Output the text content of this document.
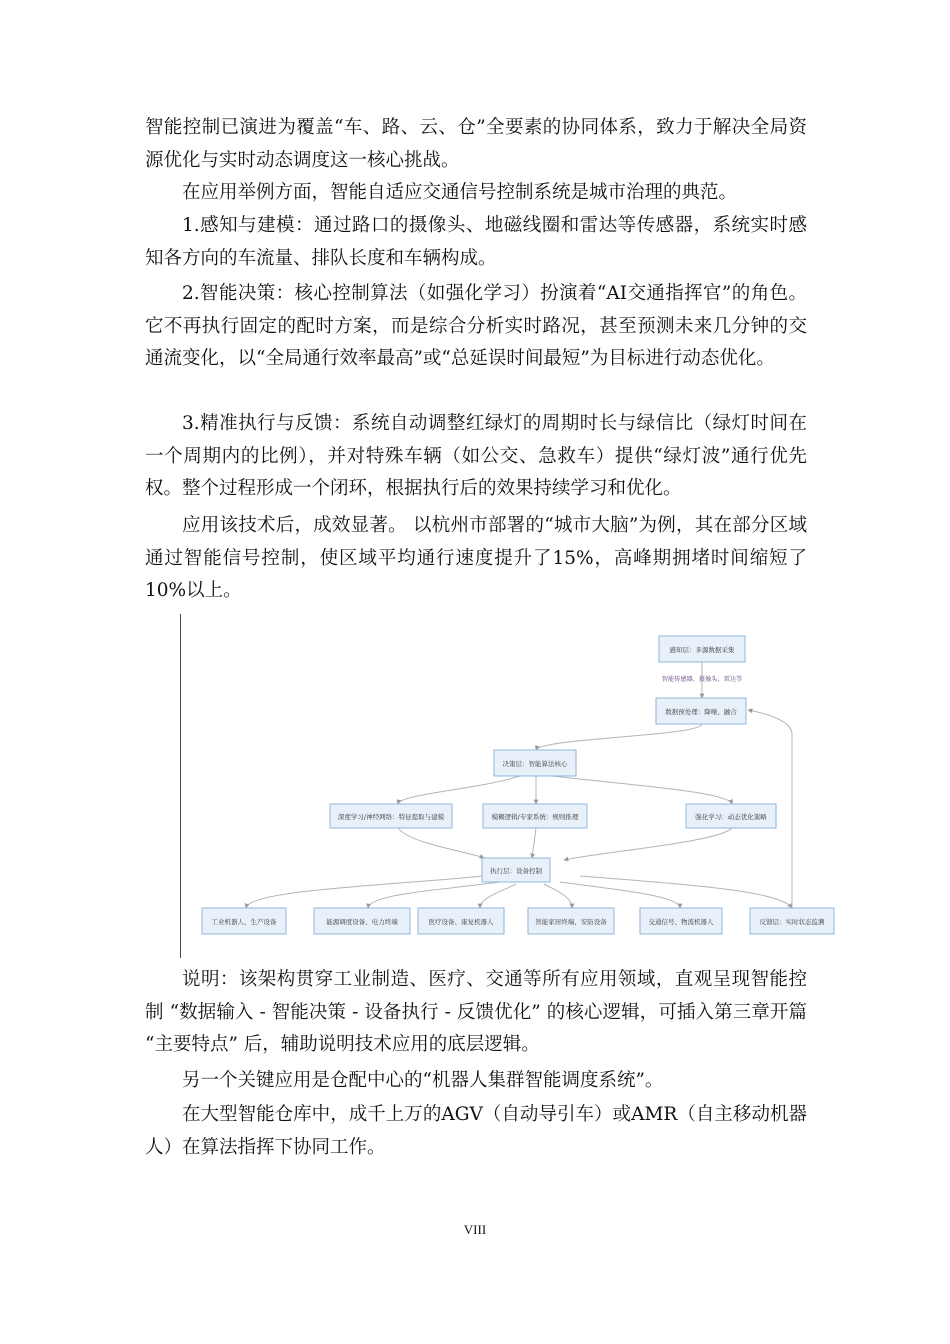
智能控制已演进为覆盖“车、路、云、仓”全要素的协同体系，致力于解决全局资源优化与实时动态调度这一核心挑战。

在应用举例方面，智能自适应交通信号控制系统是城市治理的典范。

1.感知与建模：通过路口的摄像头、地磁线圈和雷达等传感器，系统实时感知各方向的车流量、排队长度和车辆构成。

2.智能决策：核心控制算法（如强化学习）扮演着“AI交通指挥官”的角色。它不再执行固定的配时方案，而是综合分析实时路况，甚至预测未来几分钟的交通流变化，以“全局通行效率最高”或“总延误时间最短”为目标进行动态优化。

3.精准执行与反馈：系统自动调整红绿灯的周期时长与绿信比（绿灯时间在一个周期内的比例），并对特殊车辆（如公交、急救车）提供“绿灯波”通行优先权。整个过程形成一个闭环，根据执行后的效果持续学习和优化。

应用该技术后，成效显著。 以杭州市部署的“城市大脑”为例，其在部分区域通过智能信号控制，使区域平均通行速度提升了15%，高峰期拥堵时间缩短了10%以上。

智能传感器、摄像头、雷达等
感知层：多源数据采集
数据预处理：降噪、融合
决策层：智能算法核心
深度学习/神经网络：特征提取与建模	模糊逻辑/专家系统：规则推理	强化学习：动态优化策略
执行层：设备控制
工业机器人、生产设备	能源调度设备、电力终端	医疗设备、康复机器人	智能家居终端、安防设备	交通信号、物流机器人	反馈层：实时状态监测

说明：该架构贯穿工业制造、医疗、交通等所有应用领域，直观呈现智能控制 “数据输入 - 智能决策 - 设备执行 - 反馈优化” 的核心逻辑，可插入第三章开篇 “主要特点” 后，辅助说明技术应用的底层逻辑。

另一个关键应用是仓配中心的“机器人集群智能调度系统”。

在大型智能仓库中，成千上万的AGV（自动导引车）或AMR（自主移动机器人）在算法指挥下协同工作。

VIII
